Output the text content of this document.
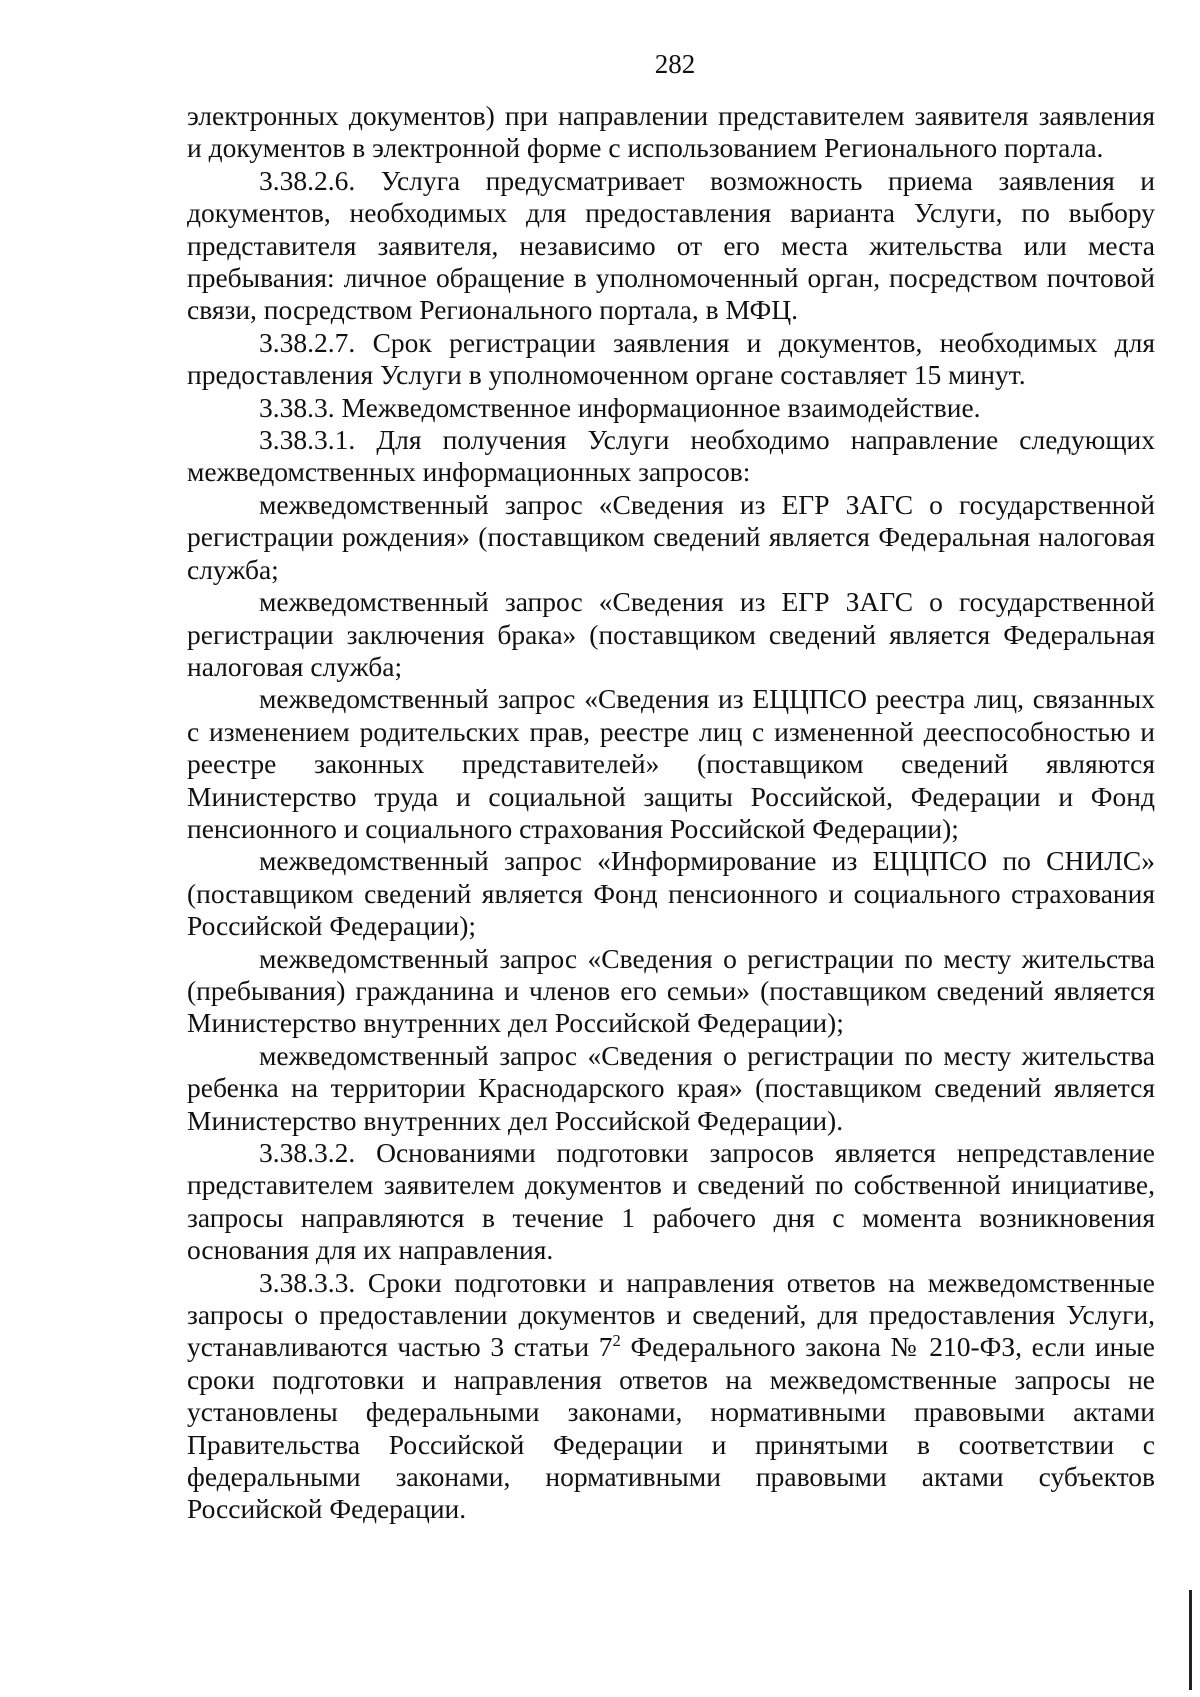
282

электронных документов) при направлении представителем заявителя заявления и документов в электронной форме с использованием Регионального портала.

3.38.2.6. Услуга предусматривает возможность приема заявления и документов, необходимых для предоставления варианта Услуги, по выбору представителя заявителя, независимо от его места жительства или места пребывания: личное обращение в уполномоченный орган, посредством почтовой связи, посредством Регионального портала, в МФЦ.

3.38.2.7. Срок регистрации заявления и документов, необходимых для предоставления Услуги в уполномоченном органе составляет 15 минут.

3.38.3. Межведомственное информационное взаимодействие.

3.38.3.1. Для получения Услуги необходимо направление следующих межведомственных информационных запросов:

межведомственный запрос «Сведения из ЕГР ЗАГС о государственной регистрации рождения» (поставщиком сведений является Федеральная налоговая служба;

межведомственный запрос «Сведения из ЕГР ЗАГС о государственной регистрации заключения брака» (поставщиком сведений является Федеральная налоговая служба;

межведомственный запрос «Сведения из ЕЦЦПСО реестра лиц, связанных с изменением родительских прав, реестре лиц с измененной дееспособностью и реестре законных представителей» (поставщиком сведений являются Министерство труда и социальной защиты Российской, Федерации и Фонд пенсионного и социального страхования Российской Федерации);

межведомственный запрос «Информирование из ЕЦЦПСО по СНИЛС» (поставщиком сведений является Фонд пенсионного и социального страхования Российской Федерации);

межведомственный запрос «Сведения о регистрации по месту жительства (пребывания) гражданина и членов его семьи» (поставщиком сведений является Министерство внутренних дел Российской Федерации);

межведомственный запрос «Сведения о регистрации по месту жительства ребенка на территории Краснодарского края» (поставщиком сведений является Министерство внутренних дел Российской Федерации).

3.38.3.2. Основаниями подготовки запросов является непредставление представителем заявителем документов и сведений по собственной инициативе, запросы направляются в течение 1 рабочего дня с момента возникновения основания для их направления.

3.38.3.3. Сроки подготовки и направления ответов на межведомственные запросы о предоставлении документов и сведений, для предоставления Услуги, устанавливаются частью 3 статьи $7^2$ Федерального закона № 210-ФЗ, если иные сроки подготовки и направления ответов на межведомственные запросы не установлены федеральными законами, нормативными правовыми актами Правительства Российской Федерации и принятыми в соответствии с федеральными законами, нормативными правовыми актами субъектов Российской Федерации.
